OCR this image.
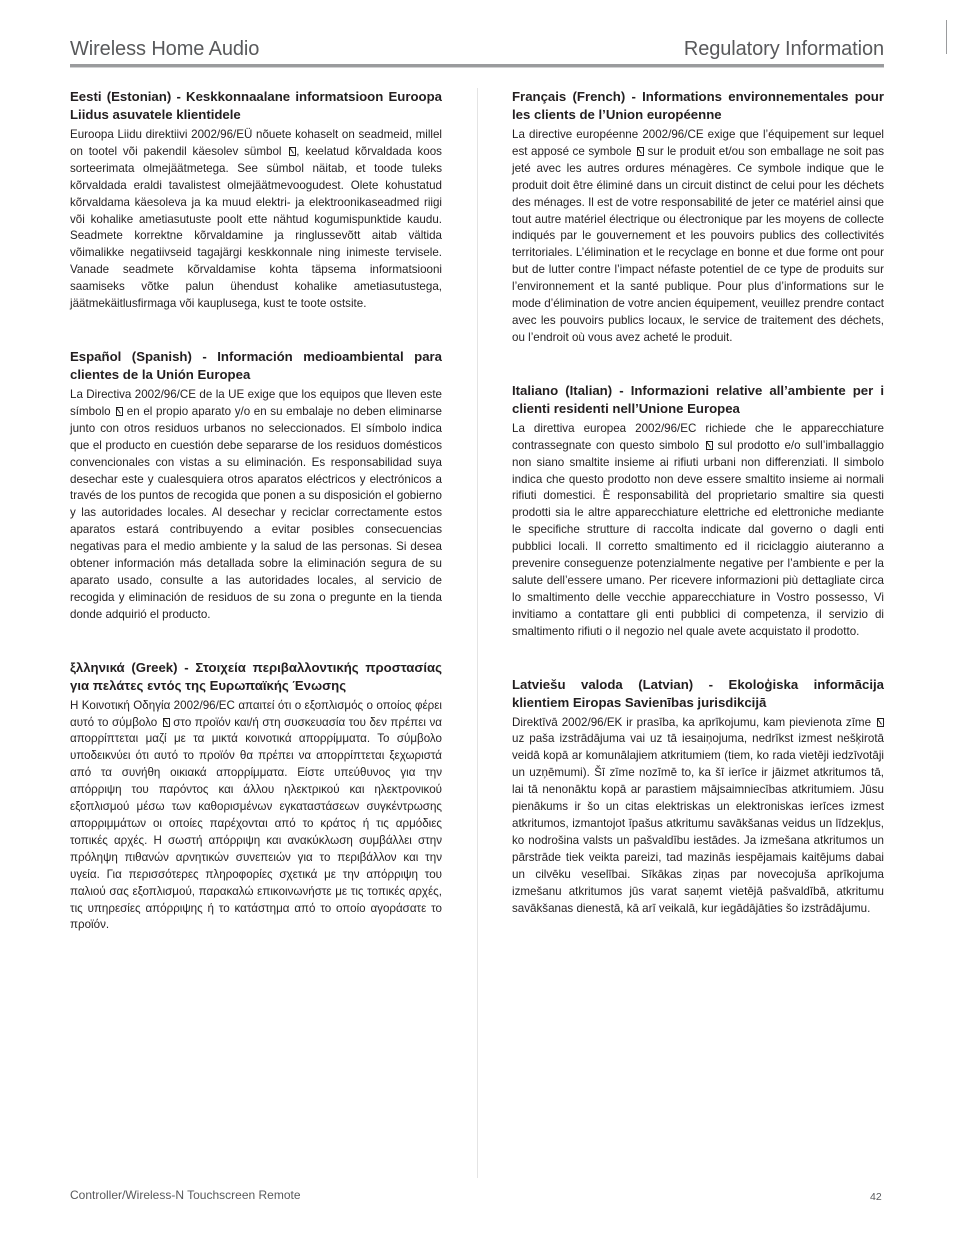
Wireless Home Audio	Regulatory Information
Eesti (Estonian) - Keskkonnaalane informatsioon Euroopa Liidus asuvatele klientidele

Euroopa Liidu direktiivi 2002/96/EÜ nõuete kohaselt on seadmeid, millel on tootel või pakendil käesolev sümbol , keelatud kõrvaldada koos sorteerimata olmejäätmetega. See sümbol näitab, et toode tuleks kõrvaldada eraldi tavalistest olmejäätmevoogudest. Olete kohustatud kõrvaldama käesoleva ja ka muud elektri- ja elektroonikaseadmed riigi või kohalike ametiasutuste poolt ette nähtud kogumispunktide kaudu. Seadmete korrektne kõrvaldamine ja ringlussevõtt aitab vältida võimalikke negatiivseid tagajärgi keskkonnale ning inimeste tervisele. Vanade seadmete kõrvaldamise kohta täpsema informatsiooni saamiseks võtke palun ühendust kohalike ametiasutustega, jäätmekäitlusfirmaga või kauplusega, kust te toote ostsite.

Español (Spanish) - Información medioambiental para clientes de la Unión Europea

La Directiva 2002/96/CE de la UE exige que los equipos que lleven este símbolo  en el propio aparato y/o en su embalaje no deben eliminarse junto con otros residuos urbanos no seleccionados. El símbolo indica que el producto en cuestión debe separarse de los residuos domésticos convencionales con vistas a su eliminación. Es responsabilidad suya desechar este y cualesquiera otros aparatos eléctricos y electrónicos a través de los puntos de recogida que ponen a su disposición el gobierno y las autoridades locales. Al desechar y reciclar correctamente estos aparatos estará contribuyendo a evitar posibles consecuencias negativas para el medio ambiente y la salud de las personas. Si desea obtener información más detallada sobre la eliminación segura de su aparato usado, consulte a las autoridades locales, al servicio de recogida y eliminación de residuos de su zona o pregunte en la tienda donde adquirió el producto.

ξλληνικά (Greek) - Στοιχεία περιβαλλοντικής προστασίας για πελάτες εντός της Ευρωπαϊκής Ένωσης

Η Κοινοτική Οδηγία 2002/96/EC απαιτεί ότι ο εξοπλισμός ο οποίος φέρει αυτό το σύμβολο  στο προϊόν και/ή στη συσκευασία του δεν πρέπει να απορρίπτεται μαζί με τα μικτά κοινοτικά απορρίμματα. Το σύμβολο υποδεικνύει ότι αυτό το προϊόν θα πρέπει να απορρίπτεται ξεχωριστά από τα συνήθη οικιακά απορρίμματα. Είστε υπεύθυνος για την απόρριψη του παρόντος και άλλου ηλεκτρικού και ηλεκτρονικού εξοπλισμού μέσω των καθορισμένων εγκαταστάσεων συγκέντρωσης απορριμμάτων οι οποίες παρέχονται από το κράτος ή τις αρμόδιες τοπικές αρχές. Η σωστή απόρριψη και ανακύκλωση συμβάλλει στην πρόληψη πιθανών αρνητικών συνεπειών για το περιβάλλον και την υγεία. Για περισσότερες πληροφορίες σχετικά με την απόρριψη του παλιού σας εξοπλισμού, παρακαλώ επικοινωνήστε με τις τοπικές αρχές, τις υπηρεσίες απόρριψης ή το κατάστημα από το οποίο αγοράσατε το προϊόν.

Français (French) - Informations environnementales pour les clients de l’Union européenne

La directive européenne 2002/96/CE exige que l’équipement sur lequel est apposé ce symbole  sur le produit et/ou son emballage ne soit pas jeté avec les autres ordures ménagères. Ce symbole indique que le produit doit être éliminé dans un circuit distinct de celui pour les déchets des ménages. Il est de votre responsabilité de jeter ce matériel ainsi que tout autre matériel électrique ou électronique par les moyens de collecte indiqués par le gouvernement et les pouvoirs publics des collectivités territoriales. L’élimination et le recyclage en bonne et due forme ont pour but de lutter contre l’impact néfaste potentiel de ce type de produits sur l’environnement et la santé publique. Pour plus d’informations sur le mode d’élimination de votre ancien équipement, veuillez prendre contact avec les pouvoirs publics locaux, le service de traitement des déchets, ou l’endroit où vous avez acheté le produit.

Italiano (Italian) - Informazioni relative all’ambiente per i clienti residenti nell’Unione Europea

La direttiva europea 2002/96/EC richiede che le apparecchiature contrassegnate con questo simbolo  sul prodotto e/o sull’imballaggio non siano smaltite insieme ai rifiuti urbani non differenziati. Il simbolo indica che questo prodotto non deve essere smaltito insieme ai normali rifiuti domestici. È responsabilità del proprietario smaltire sia questi prodotti sia le altre apparecchiature elettriche ed elettroniche mediante le specifiche strutture di raccolta indicate dal governo o dagli enti pubblici locali. Il corretto smaltimento ed il riciclaggio aiuteranno a prevenire conseguenze potenzialmente negative per l’ambiente e per la salute dell’essere umano. Per ricevere informazioni più dettagliate circa lo smaltimento delle vecchie apparecchiature in Vostro possesso, Vi invitiamo a contattare gli enti pubblici di competenza, il servizio di smaltimento rifiuti o il negozio nel quale avete acquistato il prodotto.

Latviešu valoda (Latvian) - Ekoloģiska informācija klientiem Eiropas Savienības jurisdikcijā

Direktīvā 2002/96/EK ir prasība, ka aprīkojumu, kam pievienota zīme  uz paša izstrādājuma vai uz tā iesaiņojuma, nedrīkst izmest nešķirotā veidā kopā ar komunālajiem atkritumiem (tiem, ko rada vietēji iedzīvotāji un uzņēmumi). Šī zīme nozīmē to, ka šī ierīce ir jāizmet atkritumos tā, lai tā nenonāktu kopā ar parastiem mājsaimniecības atkritumiem. Jūsu pienākums ir šo un citas elektriskas un elektroniskas ierīces izmest atkritumos, izmantojot īpašus atkritumu savākšanas veidus un līdzekļus, ko nodrošina valsts un pašvaldību iestādes. Ja izmešana atkritumos un pārstrāde tiek veikta pareizi, tad mazinās iespējamais kaitējums dabai un cilvēku veselībai. Sīkākas ziņas par novecojuša aprīkojuma izmešanu atkritumos jūs varat saņemt vietējā pašvaldībā, atkritumu savākšanas dienestā, kā arī veikalā, kur iegādājāties šo izstrādājumu.

Controller/Wireless-N Touchscreen Remote	42
